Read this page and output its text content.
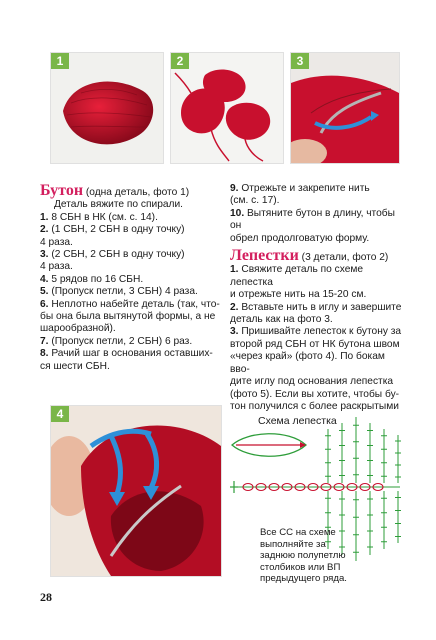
1	2	3

Бутон (одна деталь, фото 1)

Деталь вяжите по спирали.

1. 8 СБН в НК (см. с. 14).

2. (1 СБН, 2 СБН в одну точку)

4 раза.

3. (2 СБН, 2 СБН в одну точку)

4 раза.

4. 5 рядов по 16 СБН.

5. (Пропуск петли, 3 СБН) 4 раза.

6. Неплотно набейте деталь (так, что-

бы она была вытянутой формы, а не

шарообразной).

7. (Пропуск петли, 2 СБН) 6 раз.

8. Рачий шаг в основания оставших-

ся шести СБН.

9. Отрежьте и закрепите нить

(см. с. 17).

10. Вытяните бутон в длину, чтобы он

обрел продолговатую форму.

Лепестки (3 детали, фото 2)

1. Свяжите деталь по схеме лепестка

и отрежьте нить на 15-20 см.

2. Вставьте нить в иглу и завершите

деталь как на фото 3.

3. Пришивайте лепесток к бутону за

второй ряд СБН от НК бутона швом

«через край» (фото 4). По бокам вво-

дите иглу под основания лепестка

(фото 5). Если вы хотите, чтобы бу-

тон получился с более раскрытыми

4	Схема лепестка
Все СС на схеме
выполняйте за
заднюю полупетлю
столбиков или ВП
предыдущего ряда.
28
